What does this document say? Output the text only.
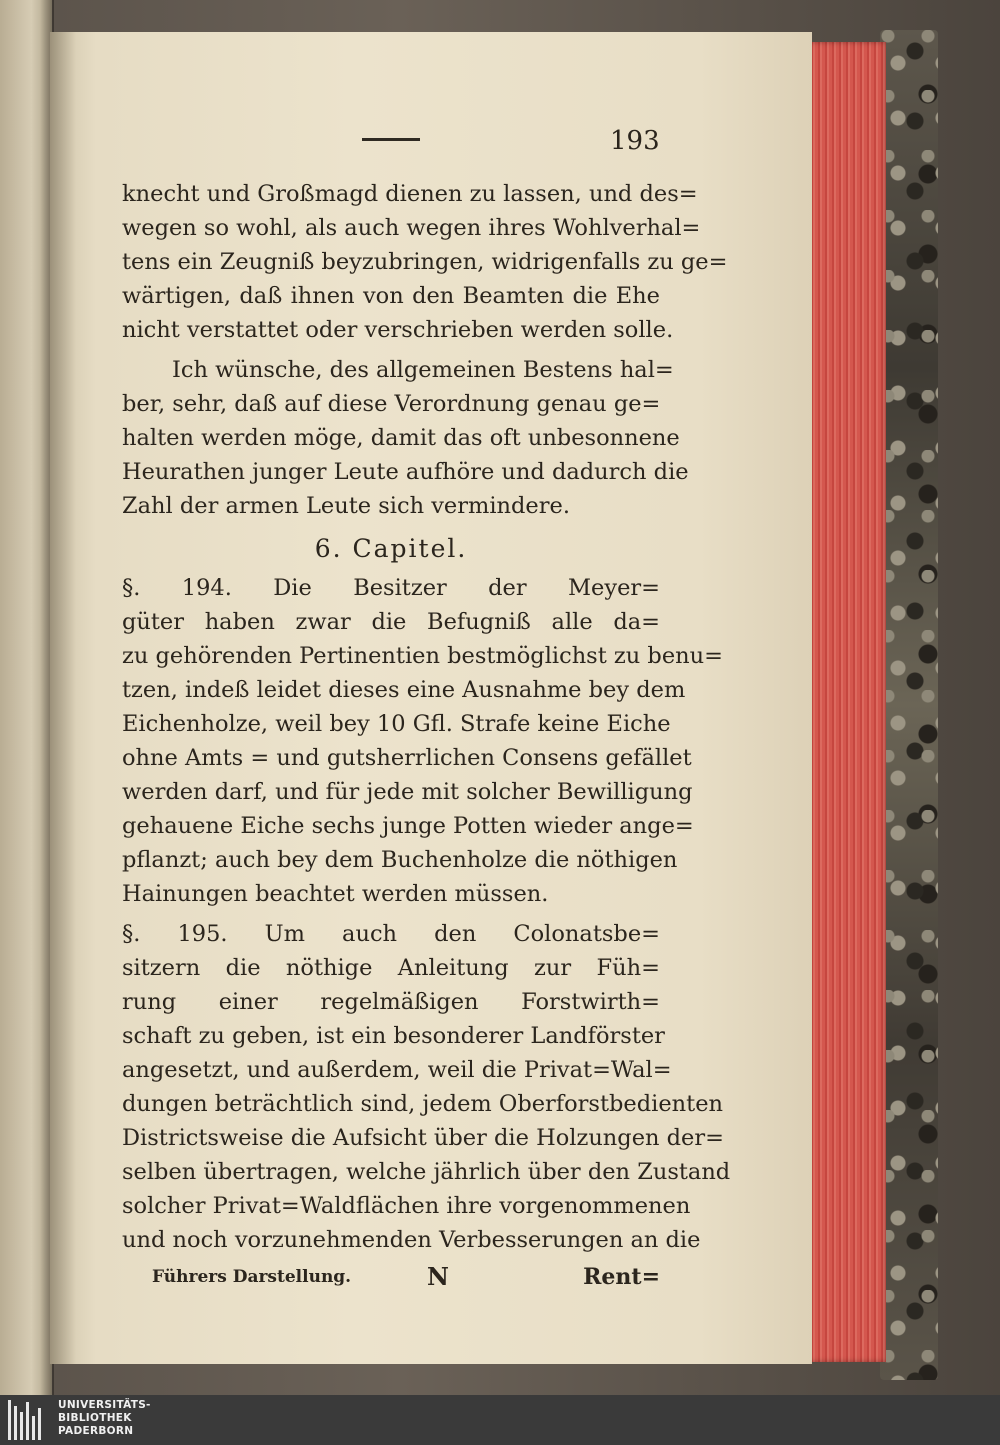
193
knecht und Großmagd dienen zu lassen, und des=
wegen so wohl, als auch wegen ihres Wohlverhal=
tens ein Zeugniß beyzubringen, widrigenfalls zu ge=
wärtigen, daß ihnen von den Beamten die Ehe
nicht verstattet oder verschrieben werden solle.
Ich wünsche, des allgemeinen Bestens hal=
ber, sehr, daß auf diese Verordnung genau ge=
halten werden möge, damit das oft unbesonnene
Heurathen junger Leute aufhöre und dadurch die
Zahl der armen Leute sich vermindere.
6. Capitel.
§. 194. Die Besitzer der Meyer=
güter haben zwar die Befugniß alle da=
zu gehörenden Pertinentien bestmöglichst zu benu=
tzen, indeß leidet dieses eine Ausnahme bey dem
Eichenholze, weil bey 10 Gfl. Strafe keine Eiche
ohne Amts = und gutsherrlichen Consens gefället
werden darf, und für jede mit solcher Bewilligung
gehauene Eiche sechs junge Potten wieder ange=
pflanzt; auch bey dem Buchenholze die nöthigen
Hainungen beachtet werden müssen.
§. 195. Um auch den Colonatsbe=
sitzern die nöthige Anleitung zur Füh=
rung einer regelmäßigen Forstwirth=
schaft zu geben, ist ein besonderer Landförster
angesetzt, und außerdem, weil die Privat=Wal=
dungen beträchtlich sind, jedem Oberforstbedienten
Districtsweise die Aufsicht über die Holzungen der=
selben übertragen, welche jährlich über den Zustand
solcher Privat=Waldflächen ihre vorgenommenen
und noch vorzunehmenden Verbesserungen an die
Führers Darstellung.	N	Rent=
UNIVERSITÄTS-
BIBLIOTHEK
PADERBORN
